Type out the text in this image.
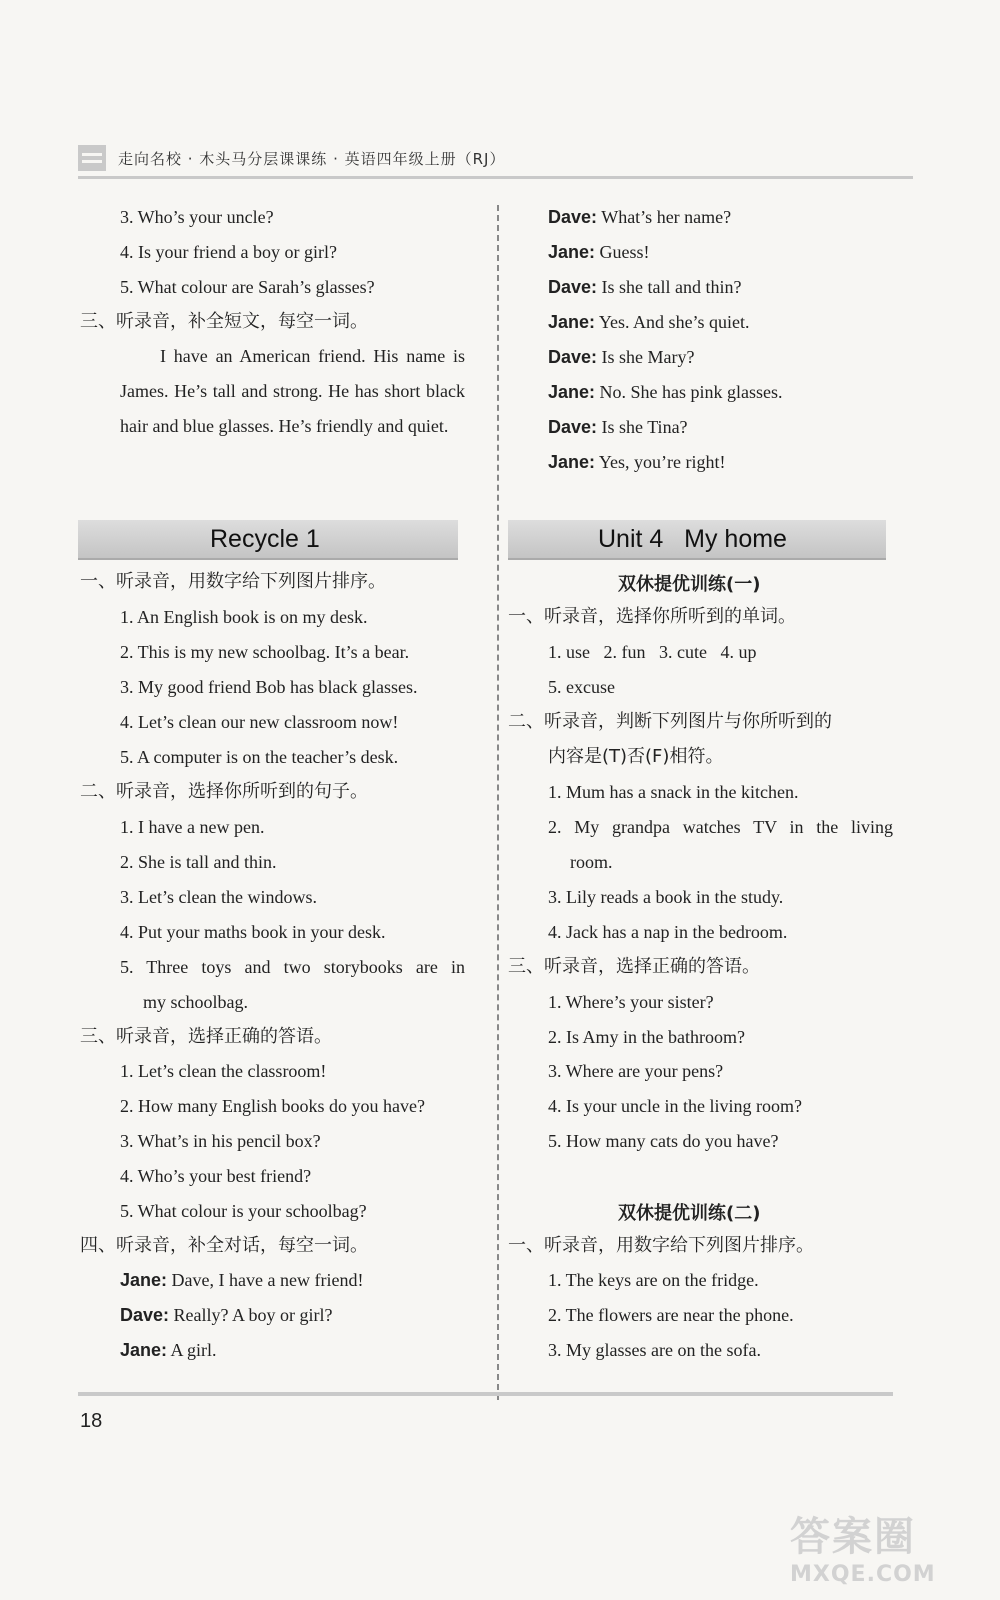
走向名校 · 木头马分层课课练 · 英语四年级上册（RJ）
3. Who’s your uncle?
4. Is your friend a boy or girl?
5. What colour are Sarah’s glasses?
三、听录音，补全短文，每空一词。
I have an American friend. His name is James. He’s tall and strong. He has short black hair and blue glasses. He’s friendly and quiet.
Recycle 1
一、听录音，用数字给下列图片排序。
1. An English book is on my desk.
2. This is my new schoolbag. It’s a bear.
3. My good friend Bob has black glasses.
4. Let’s clean our new classroom now!
5. A computer is on the teacher’s desk.
二、听录音，选择你所听到的句子。
1. I have a new pen.
2. She is tall and thin.
3. Let’s clean the windows.
4. Put your maths book in your desk.
5. Three toys and two storybooks are in
my schoolbag.
三、听录音，选择正确的答语。
1. Let’s clean the classroom!
2. How many English books do you have?
3. What’s in his pencil box?
4. Who’s your best friend?
5. What colour is your schoolbag?
四、听录音，补全对话，每空一词。
Jane: Dave, I have a new friend!
Dave: Really? A boy or girl?
Jane: A girl.
Dave: What’s her name?
Jane: Guess!
Dave: Is she tall and thin?
Jane: Yes. And she’s quiet.
Dave: Is she Mary?
Jane: No. She has pink glasses.
Dave: Is she Tina?
Jane: Yes, you’re right!
Unit 4   My home
双休提优训练(一)
一、听录音，选择你所听到的单词。
1. use   2. fun   3. cute   4. up
5. excuse
二、听录音，判断下列图片与你所听到的
内容是(T)否(F)相符。
1. Mum has a snack in the kitchen.
2. My grandpa watches TV in the living
room.
3. Lily reads a book in the study.
4. Jack has a nap in the bedroom.
三、听录音，选择正确的答语。
1. Where’s your sister?
2. Is Amy in the bathroom?
3. Where are your pens?
4. Is your uncle in the living room?
5. How many cats do you have?
双休提优训练(二)
一、听录音，用数字给下列图片排序。
1. The keys are on the fridge.
2. The flowers are near the phone.
3. My glasses are on the sofa.
18
答案圈
MXQE.COM
